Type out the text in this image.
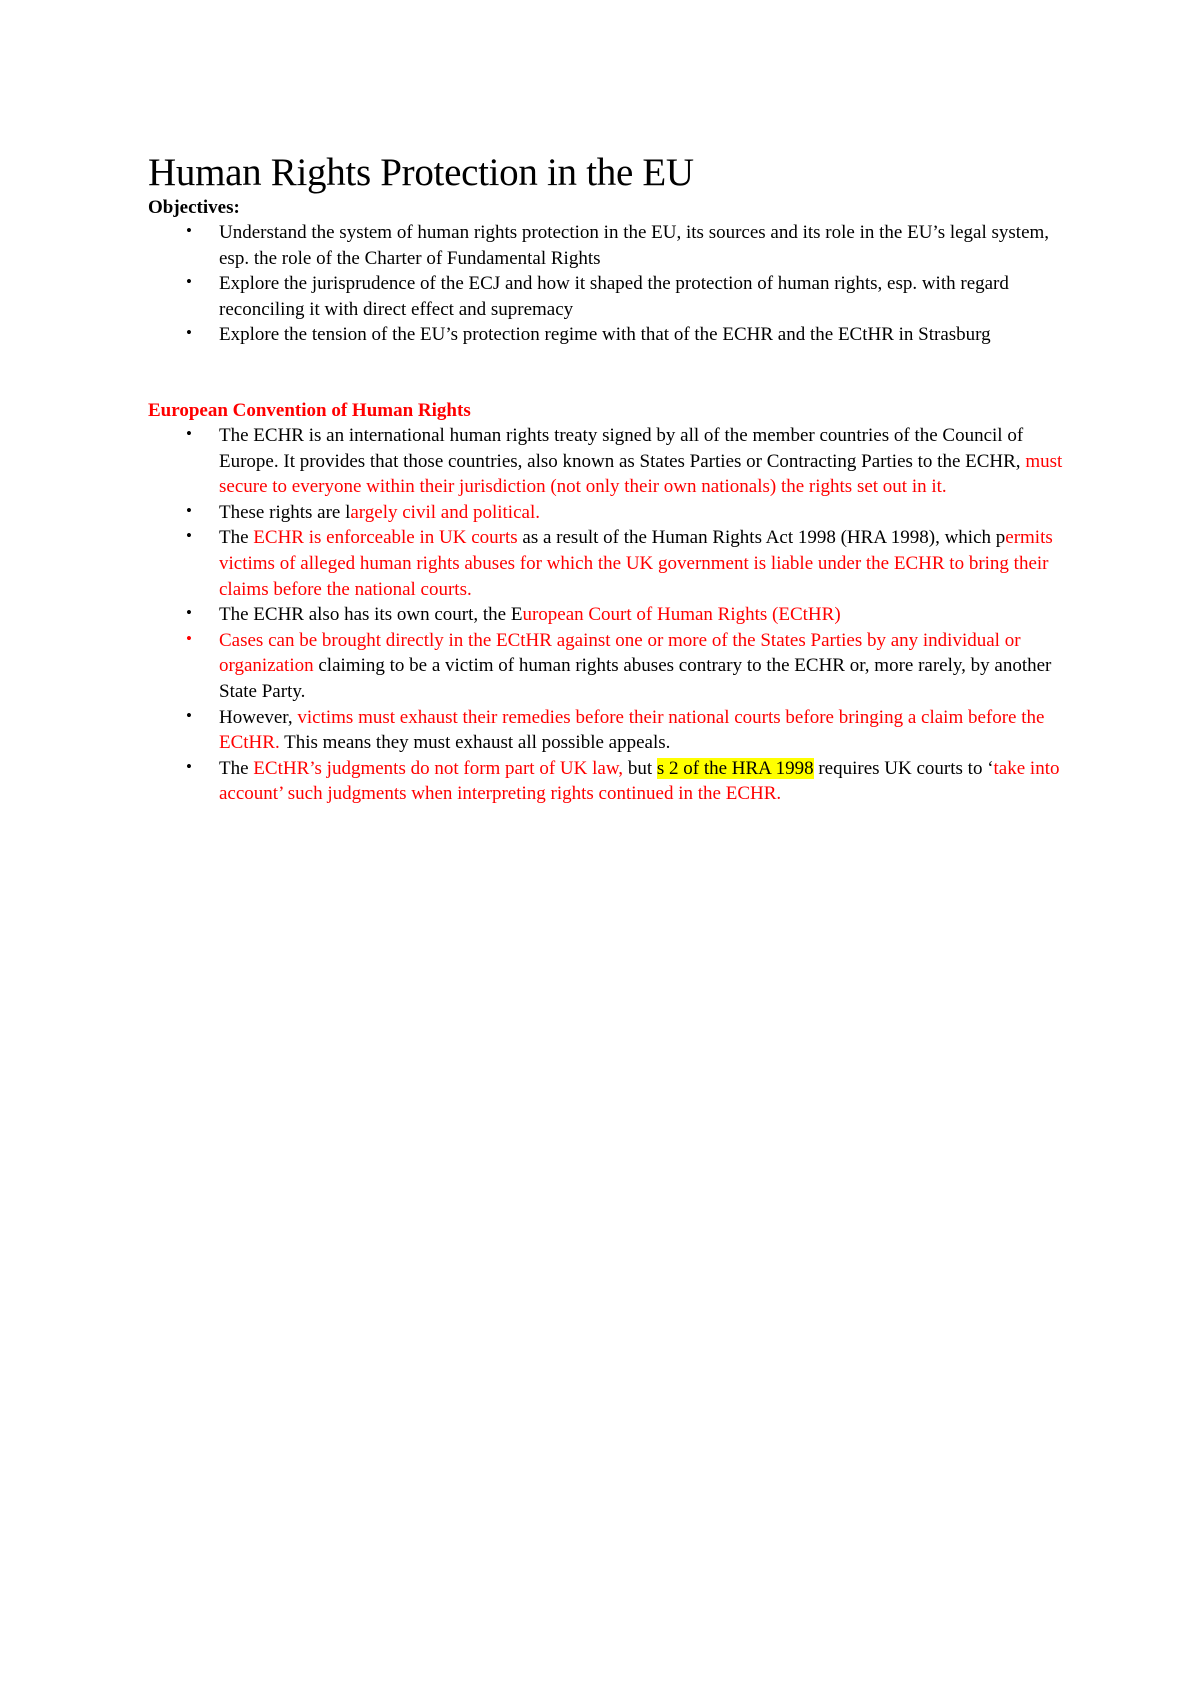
Human Rights Protection in the EU

Objectives:

• Understand the system of human rights protection in the EU, its sources and its role in the EU’s legal system, esp. the role of the Charter of Fundamental Rights
• Explore the jurisprudence of the ECJ and how it shaped the protection of human rights, esp. with regard reconciling it with direct effect and supremacy
• Explore the tension of the EU’s protection regime with that of the ECHR and the ECtHR in Strasburg

European Convention of Human Rights

• The ECHR is an international human rights treaty signed by all of the member countries of the Council of Europe. It provides that those countries, also known as States Parties or Contracting Parties to the ECHR, must secure to everyone within their jurisdiction (not only their own nationals) the rights set out in it.
• These rights are largely civil and political.
• The ECHR is enforceable in UK courts as a result of the Human Rights Act 1998 (HRA 1998), which permits victims of alleged human rights abuses for which the UK government is liable under the ECHR to bring their claims before the national courts.
• The ECHR also has its own court, the European Court of Human Rights (ECtHR)
• Cases can be brought directly in the ECtHR against one or more of the States Parties by any individual or organization claiming to be a victim of human rights abuses contrary to the ECHR or, more rarely, by another State Party.
• However, victims must exhaust their remedies before their national courts before bringing a claim before the ECtHR. This means they must exhaust all possible appeals.
• The ECtHR’s judgments do not form part of UK law, but s 2 of the HRA 1998 requires UK courts to ‘take into account’ such judgments when interpreting rights continued in the ECHR.
